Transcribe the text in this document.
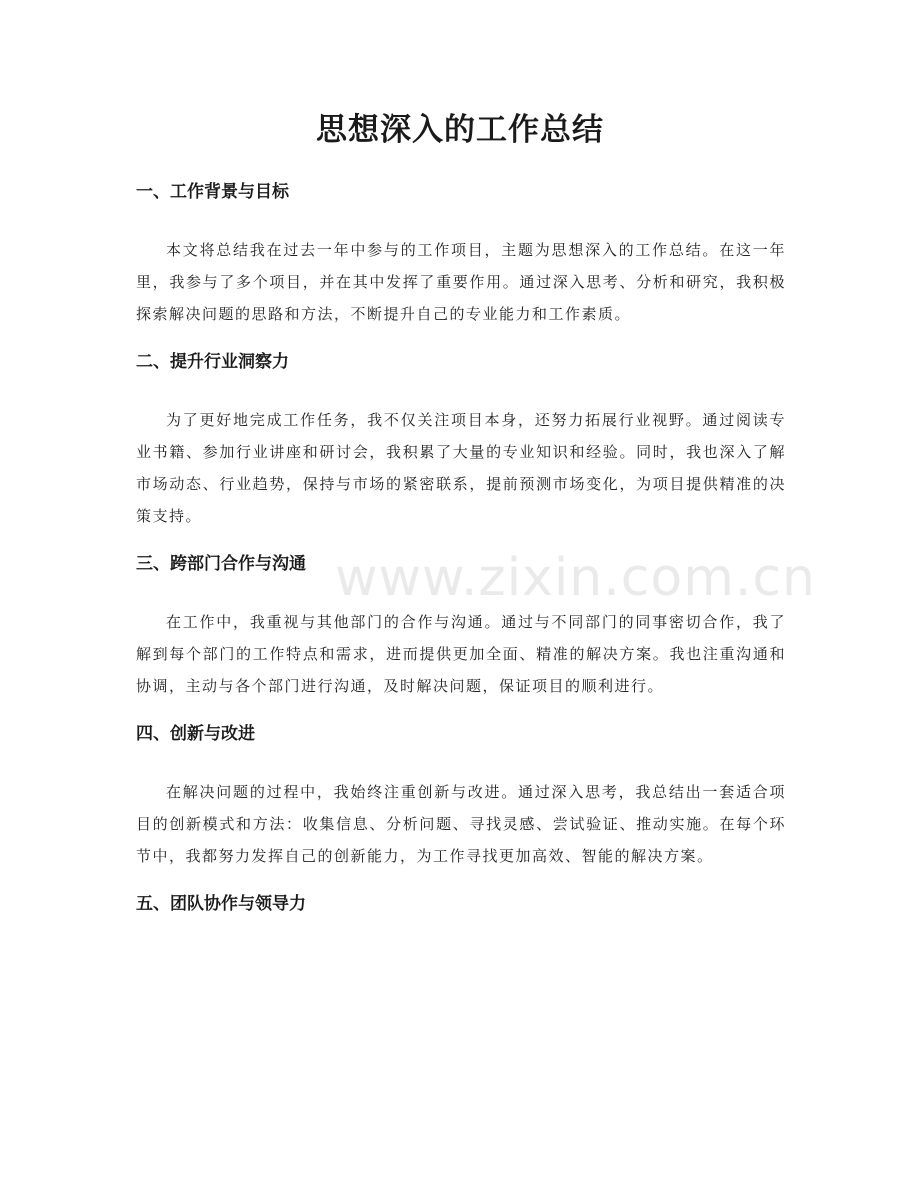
思想深入的工作总结
一、工作背景与目标

本文将总结我在过去一年中参与的工作项目，主题为思想深入的工作总结。在这一年里，我参与了多个项目，并在其中发挥了重要作用。通过深入思考、分析和研究，我积极探索解决问题的思路和方法，不断提升自己的专业能力和工作素质。

二、提升行业洞察力

为了更好地完成工作任务，我不仅关注项目本身，还努力拓展行业视野。通过阅读专业书籍、参加行业讲座和研讨会，我积累了大量的专业知识和经验。同时，我也深入了解市场动态、行业趋势，保持与市场的紧密联系，提前预测市场变化，为项目提供精准的决策支持。

三、跨部门合作与沟通

在工作中，我重视与其他部门的合作与沟通。通过与不同部门的同事密切合作，我了解到每个部门的工作特点和需求，进而提供更加全面、精准的解决方案。我也注重沟通和协调，主动与各个部门进行沟通，及时解决问题，保证项目的顺利进行。

四、创新与改进

在解决问题的过程中，我始终注重创新与改进。通过深入思考，我总结出一套适合项目的创新模式和方法：收集信息、分析问题、寻找灵感、尝试验证、推动实施。在每个环节中，我都努力发挥自己的创新能力，为工作寻找更加高效、智能的解决方案。

五、团队协作与领导力
www.zixin.com.cn
